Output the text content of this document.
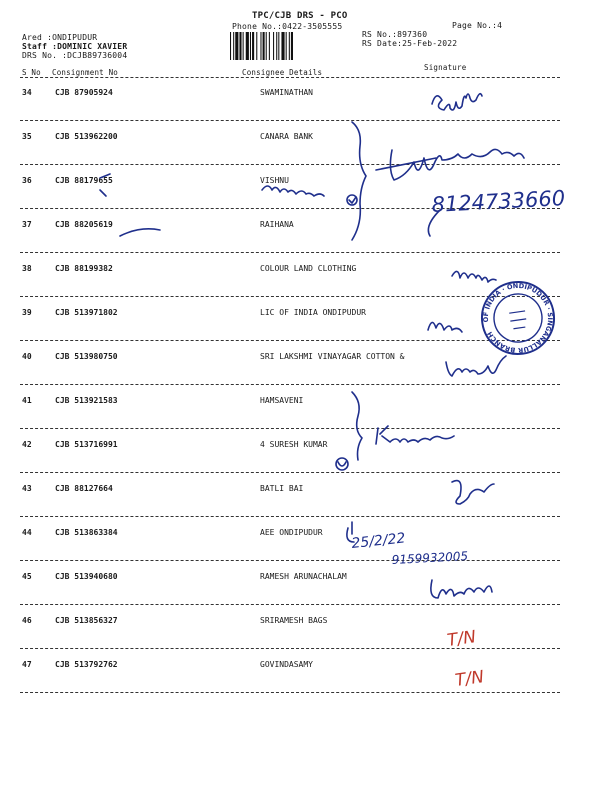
TPC/CJB DRS - PCO
Phone No.:0422-3505555	Page No.:4
RS No.:897360
RS Date:25-Feb-2022
Ared :ONDIPUDUR
Staff :DOMINIC XAVIER
DRS No. :DCJB89736004
S No Consignment No	Consignee Details
Signature
34	CJB 87905924	SWAMINATHAN
35	CJB 513962200	CANARA BANK
36	CJB 88179655	VISHNU
37	CJB 88205619	RAIHANA
38	CJB 88199382	COLOUR LAND CLOTHING
39	CJB 513971802	LIC OF INDIA ONDIPUDUR
40	CJB 513980750	SRI LAKSHMI VINAYAGAR COTTON &
41	CJB 513921583	HAMSAVENI
42	CJB 513716991	4 SURESH KUMAR
43	CJB 88127664	BATLI BAI
44	CJB 513863384	AEE ONDIPUDUR
45	CJB 513940680	RAMESH ARUNACHALAM
46	CJB 513856327	SRIRAMESH BAGS
47	CJB 513792762	GOVINDASAMY
8124733660
25/2/22
9159932005
OF INDIA · ONDIPUDUR · SINGANALLUR BRANCH
T/N
T/N
